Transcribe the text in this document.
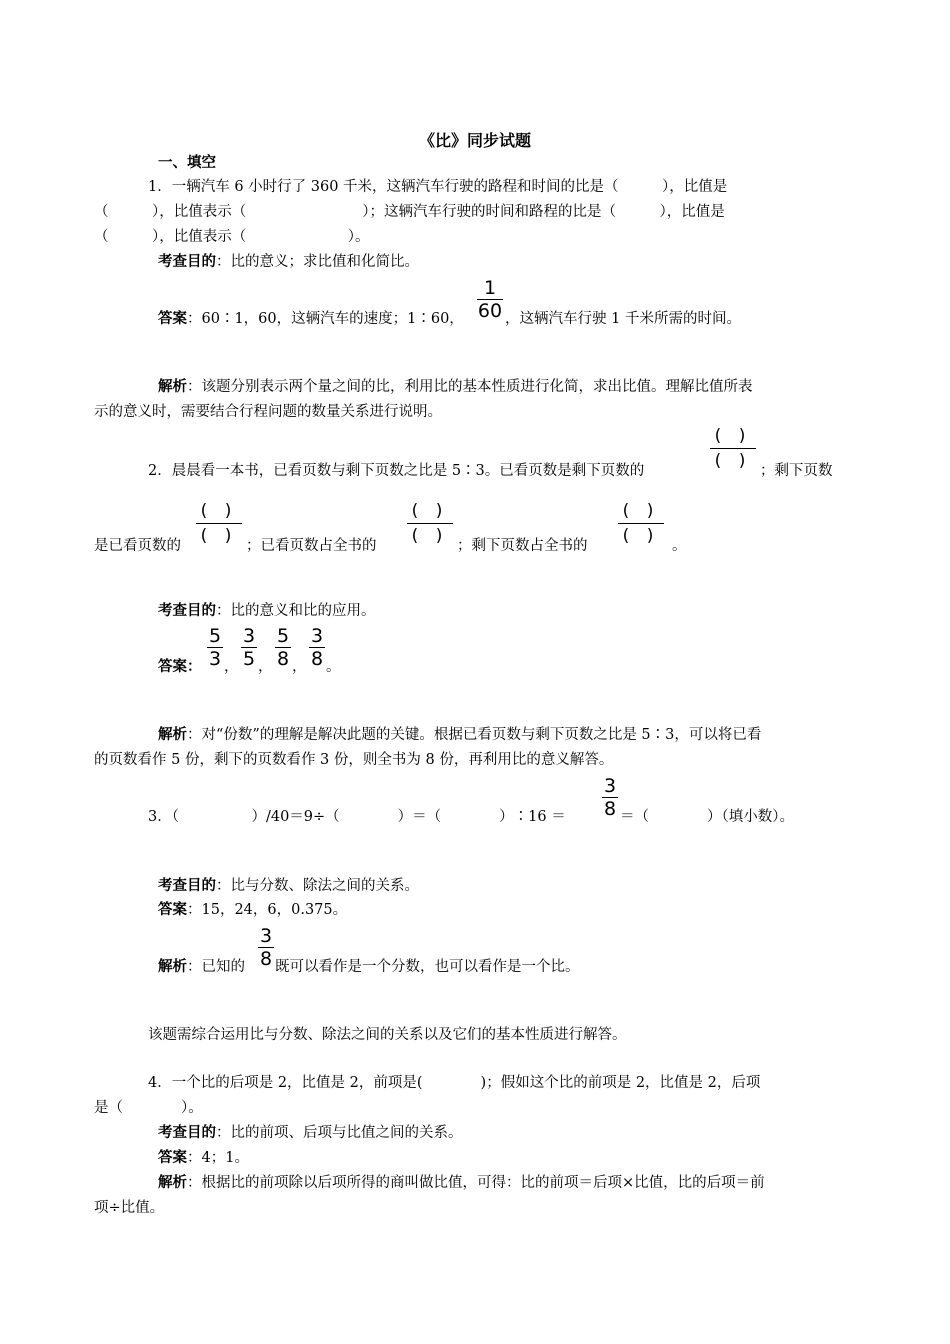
《比》同步试题
一、填空
1．一辆汽车 6 小时行了 360 千米，这辆汽车行驶的路程和时间的比是（　　　），比值是
（　　　），比值表示（　　　　　　　　）；这辆汽车行驶的时间和路程的比是（　　　），比值是
（　　　），比值表示（　　　　　　　）。
考查目的：比的意义；求比值和化简比。
答案：60∶1，60，这辆汽车的速度；1∶60，
1
60 ，这辆汽车行驶 1 千米所需的时间。
解析：该题分别表示两个量之间的比，利用比的基本性质进行化简，求出比值。理解比值所表
示的意义时，需要结合行程问题的数量关系进行说明。
2．晨晨看一本书，已看页数与剩下页数之比是 5∶3。已看页数是剩下页数的
( )
( ) ；剩下页数
是已看页数的
( )
( ) ；已看页数占全书的
( )
( ) ；剩下页数占全书的
( )
( ) 。
考查目的：比的意义和比的应用。
答案 ：
5
3 ，
3
5 ，
5
8 ，
3
8 。
解析：对“份数”的理解是解决此题的关键。根据已看页数与剩下页数之比是 5∶3，可以将已看
的页数看作 5 份，剩下的页数看作 3 份，则全书为 8 份，再利用比的意义解答。
3．（　　　　　）/40＝9÷（　　　　）＝（　　　　）∶16 ＝
3
8 ＝（　　　　）（填小数）。
考查目的：比与分数、除法之间的关系。
答案：15，24，6，0.375。
解析：已知的
3
8 既可以看作是一个分数，也可以看作是一个比。
该题需综合运用比与分数、除法之间的关系以及它们的基本性质进行解答。
4．一个比的后项是 2，比值是 2，前项是(　　　　)；假如这个比的前项是 2，比值是 2，后项
是（　　　　）。
考查目的：比的前项、后项与比值之间的关系。
答案：4；1。
解析：根据比的前项除以后项所得的商叫做比值，可得：比的前项＝后项×比值，比的后项＝前
项÷比值。
